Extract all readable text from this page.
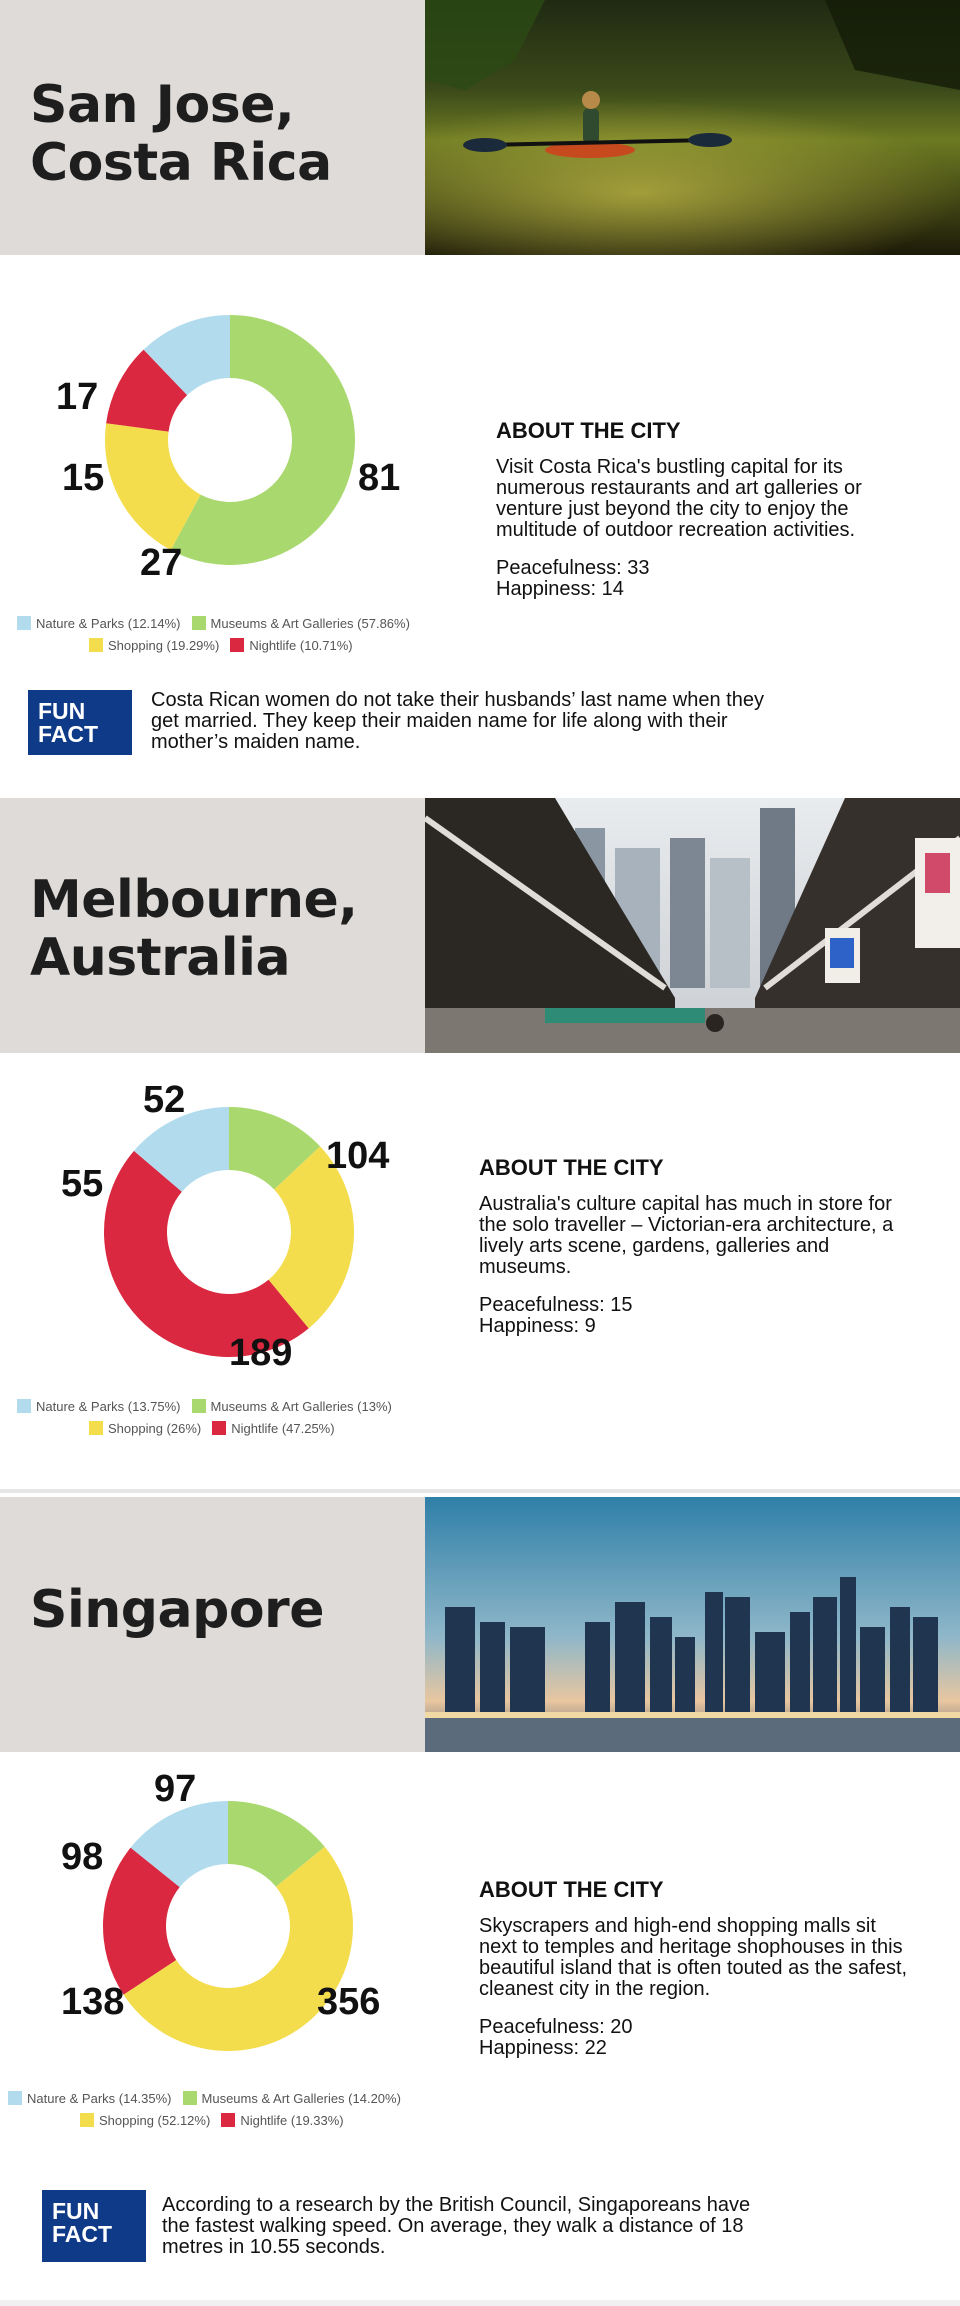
San Jose,
Costa Rica
17
81
27
15
Nature & Parks (12.14%) Museums & Art Galleries (57.86%)
Shopping (19.29%) Nightlife (10.71%)
ABOUT THE CITY
Visit Costa Rica's bustling capital for its numerous restaurants and art galleries or venture just beyond the city to enjoy the multitude of outdoor recreation activities.
Peacefulness: 33
Happiness: 14
FUN
FACT
Costa Rican women do not take their husbands’ last name when they get married. They keep their maiden name for life along with their mother’s maiden name.
Melbourne,
Australia
55
52
104
189
Nature & Parks (13.75%) Museums & Art Galleries (13%)
Shopping (26%) Nightlife (47.25%)
ABOUT THE CITY
Australia's culture capital has much in store for the solo traveller – Victorian-era architecture, a lively arts scene, gardens, galleries and museums.
Peacefulness: 15
Happiness: 9
Singapore
98
97
356
138
Nature & Parks (14.35%) Museums & Art Galleries (14.20%)
Shopping (52.12%) Nightlife (19.33%)
ABOUT THE CITY
Skyscrapers and high-end shopping malls sit next to temples and heritage shophouses in this beautiful island that is often touted as the safest, cleanest city in the region.
Peacefulness: 20
Happiness: 22
FUN
FACT
According to a research by the British Council, Singaporeans have the fastest walking speed. On average, they walk a distance of 18 metres in 10.55 seconds.
